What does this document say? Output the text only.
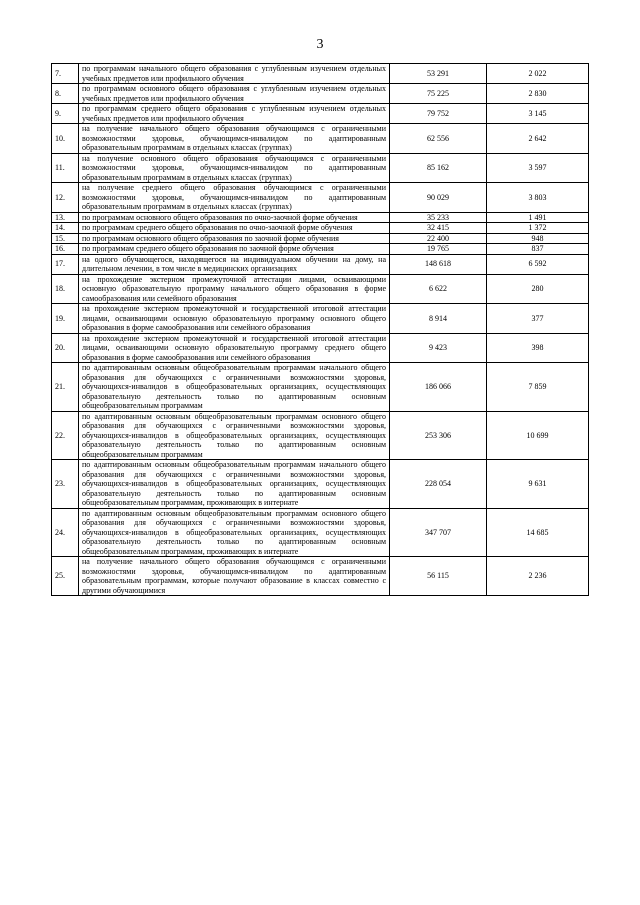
3
7.	по программам начального общего образования с углубленным изучением отдельных учебных предметов или профильного обучения	53 291	2 022
8.	по программам основного общего образования с углубленным изучением отдельных учебных предметов или профильного обучения	75 225	2 830
9.	по программам среднего общего образования с углубленным изучением отдельных учебных предметов или профильного обучения	79 752	3 145
10.	на получение начального общего образования обучающимся с ограниченными возможностями здоровья, обучающимся-инвалидом по адаптированным образовательным программам в отдельных классах (группах)	62 556	2 642
11.	на получение основного общего образования обучающимся с ограниченными возможностями здоровья, обучающимся-инвалидом по адаптированным образовательным программам в отдельных классах (группах)	85 162	3 597
12.	на получение среднего общего образования обучающимся с ограниченными возможностями здоровья, обучающимся-инвалидом по адаптированным образовательным программам в отдельных классах (группах)	90 029	3 803
13.	по программам основного общего образования по очно-заочной форме обучения	35 233	1 491
14.	по программам среднего общего образования по очно-заочной форме обучения	32 415	1 372
15.	по программам основного общего образования по заочной форме обучения	22 400	948
16.	по программам среднего общего образования по заочной форме обучения	19 765	837
17.	на одного обучающегося, находящегося на индивидуальном обучении на дому, на длительном лечении, в том числе в медицинских организациях	148 618	6 592
18.	на прохождение экстерном промежуточной аттестации лицами, осваивающими основную образовательную программу начального общего образования в форме самообразования или семейного образования	6 622	280
19.	на прохождение экстерном промежуточной и государственной итоговой аттестации лицами, осваивающими основную образовательную программу основного общего образования в форме самообразования или семейного образования	8 914	377
20.	на прохождение экстерном промежуточной и государственной итоговой аттестации лицами, осваивающими основную образовательную программу среднего общего образования в форме самообразования или семейного образования	9 423	398
21.	по адаптированным основным общеобразовательным программам начального общего образования для обучающихся с ограниченными возможностями здоровья, обучающихся-инвалидов в общеобразовательных организациях, осуществляющих образовательную деятельность только по адаптированным основным общеобразовательным программам	186 066	7 859
22.	по адаптированным основным общеобразовательным программам основного общего образования для обучающихся с ограниченными возможностями здоровья, обучающихся-инвалидов в общеобразовательных организациях, осуществляющих образовательную деятельность только по адаптированным основным общеобразовательным программам	253 306	10 699
23.	по адаптированным основным общеобразовательным программам начального общего образования для обучающихся с ограниченными возможностями здоровья, обучающихся-инвалидов в общеобразовательных организациях, осуществляющих образовательную деятельность только по адаптированным основным общеобразовательным программам, проживающих в интернате	228 054	9 631
24.	по адаптированным основным общеобразовательным программам основного общего образования для обучающихся с ограниченными возможностями здоровья, обучающихся-инвалидов в общеобразовательных организациях, осуществляющих образовательную деятельность только по адаптированным основным общеобразовательным программам, проживающих в интернате	347 707	14 685
25.	на получение начального общего образования обучающимся с ограниченными возможностями здоровья, обучающимся-инвалидом по адаптированным образовательным программам, которые получают образование в классах совместно с другими обучающимися	56 115	2 236
